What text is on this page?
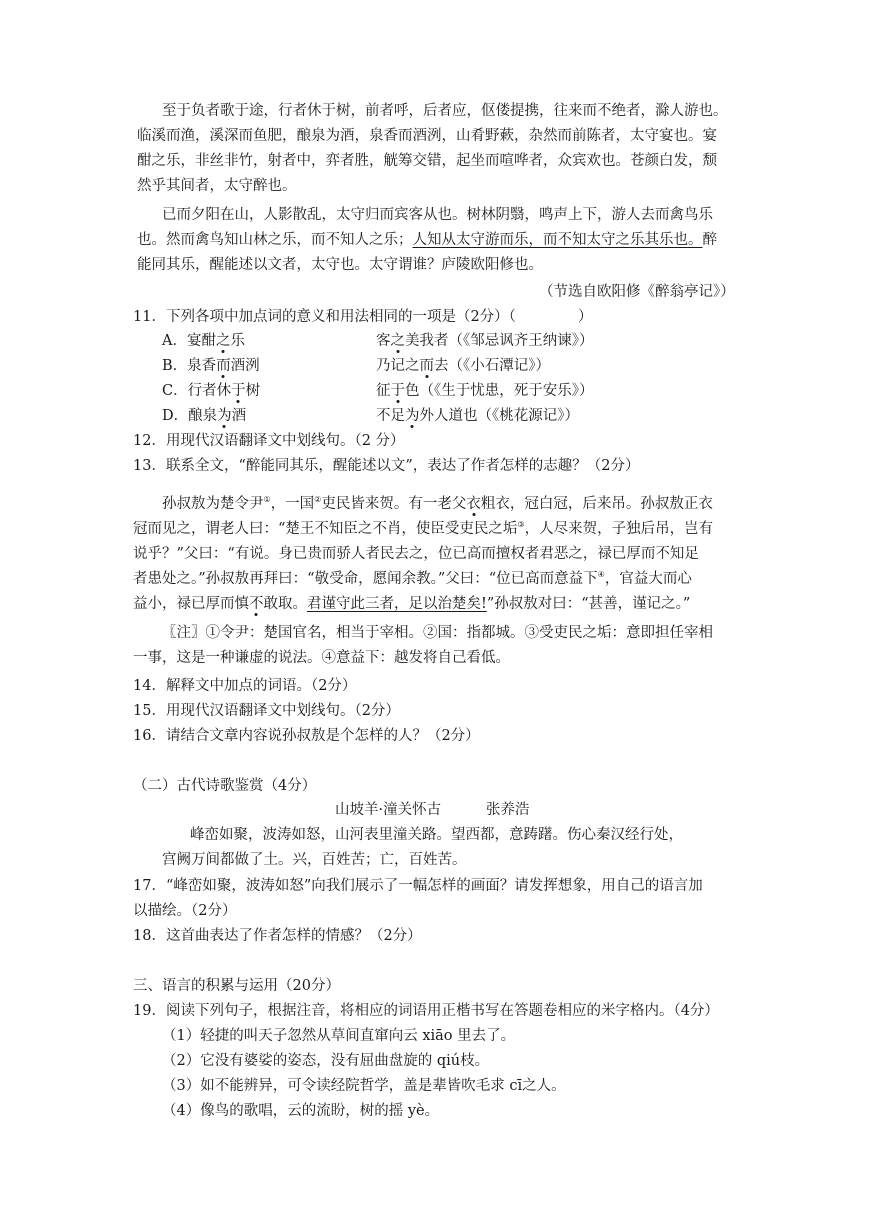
至于负者歌于途，行者休于树，前者呼，后者应，伛偻提携，往来而不绝者，滁人游也。
临溪而渔，溪深而鱼肥，酿泉为酒，泉香而酒洌，山肴野蔌，杂然而前陈者，太守宴也。宴
酣之乐，非丝非竹，射者中，弈者胜，觥筹交错，起坐而喧哗者，众宾欢也。苍颜白发，颓
然乎其间者，太守醉也。
已而夕阳在山，人影散乱，太守归而宾客从也。树林阴翳，鸣声上下，游人去而禽鸟乐
也。然而禽鸟知山林之乐，而不知人之乐；人知从太守游而乐，而不知太守之乐其乐也。醉
能同其乐，醒能述以文者，太守也。太守谓谁？庐陵欧阳修也。
（节选自欧阳修《醉翁亭记》）
11．下列各项中加点词的意义和用法相同的一项是（2分）（	）
A．宴酣之乐	客之美我者（《邹忌讽齐王纳谏》）
B．泉香而酒洌	乃记之而去（《小石潭记》）
C．行者休于树	征于色（《生于忧患，死于安乐》）
D．酿泉为酒	不足为外人道也（《桃花源记》）
12．用现代汉语翻译文中划线句。（2 分）
13．联系全文，“醉能同其乐，醒能述以文”，表达了作者怎样的志趣？（2分）
孙叔敖为楚令尹①，一国②吏民皆来贺。有一老父衣粗衣，冠白冠，后来吊。孙叔敖正衣
冠而见之，谓老人曰：“楚王不知臣之不肖，使臣受吏民之垢③，人尽来贺，子独后吊，岂有
说乎？”父曰：“有说。身已贵而骄人者民去之，位已高而擅权者君恶之，禄已厚而不知足
者患处之。”孙叔敖再拜曰：“敬受命，愿闻余教。”父曰：“位已高而意益下④，官益大而心
益小，禄已厚而慎不敢取。君谨守此三者，足以治楚矣!”孙叔敖对曰：“甚善，谨记之。”
〖注〗①令尹：楚国官名，相当于宰相。②国：指都城。③受吏民之垢：意即担任宰相
一事，这是一种谦虚的说法。④意益下：越发将自己看低。
14．解释文中加点的词语。（2分）
15．用现代汉语翻译文中划线句。（2分）
16．请结合文章内容说孙叔敖是个怎样的人？（2分）
（二）古代诗歌鉴赏（4分）
山坡羊·潼关怀古	张养浩
峰峦如聚，波涛如怒，山河表里潼关路。望西都，意踌躇。伤心秦汉经行处，
宫阙万间都做了土。兴，百姓苦；亡，百姓苦。
17．“峰峦如聚，波涛如怒”向我们展示了一幅怎样的画面？请发挥想象，用自己的语言加
以描绘。（2分）
18．这首曲表达了作者怎样的情感？（2分）
三、语言的积累与运用（20分）
19．阅读下列句子，根据注音，将相应的词语用正楷书写在答题卷相应的米字格内。（4分）
（1）轻捷的叫天子忽然从草间直窜向云 xiāo 里去了。
（2）它没有婆娑的姿态，没有屈曲盘旋的 qiú枝。
（3）如不能辨异，可令读经院哲学，盖是辈皆吹毛求 cī之人。
（4）像鸟的歌唱，云的流盼，树的摇 yè。
